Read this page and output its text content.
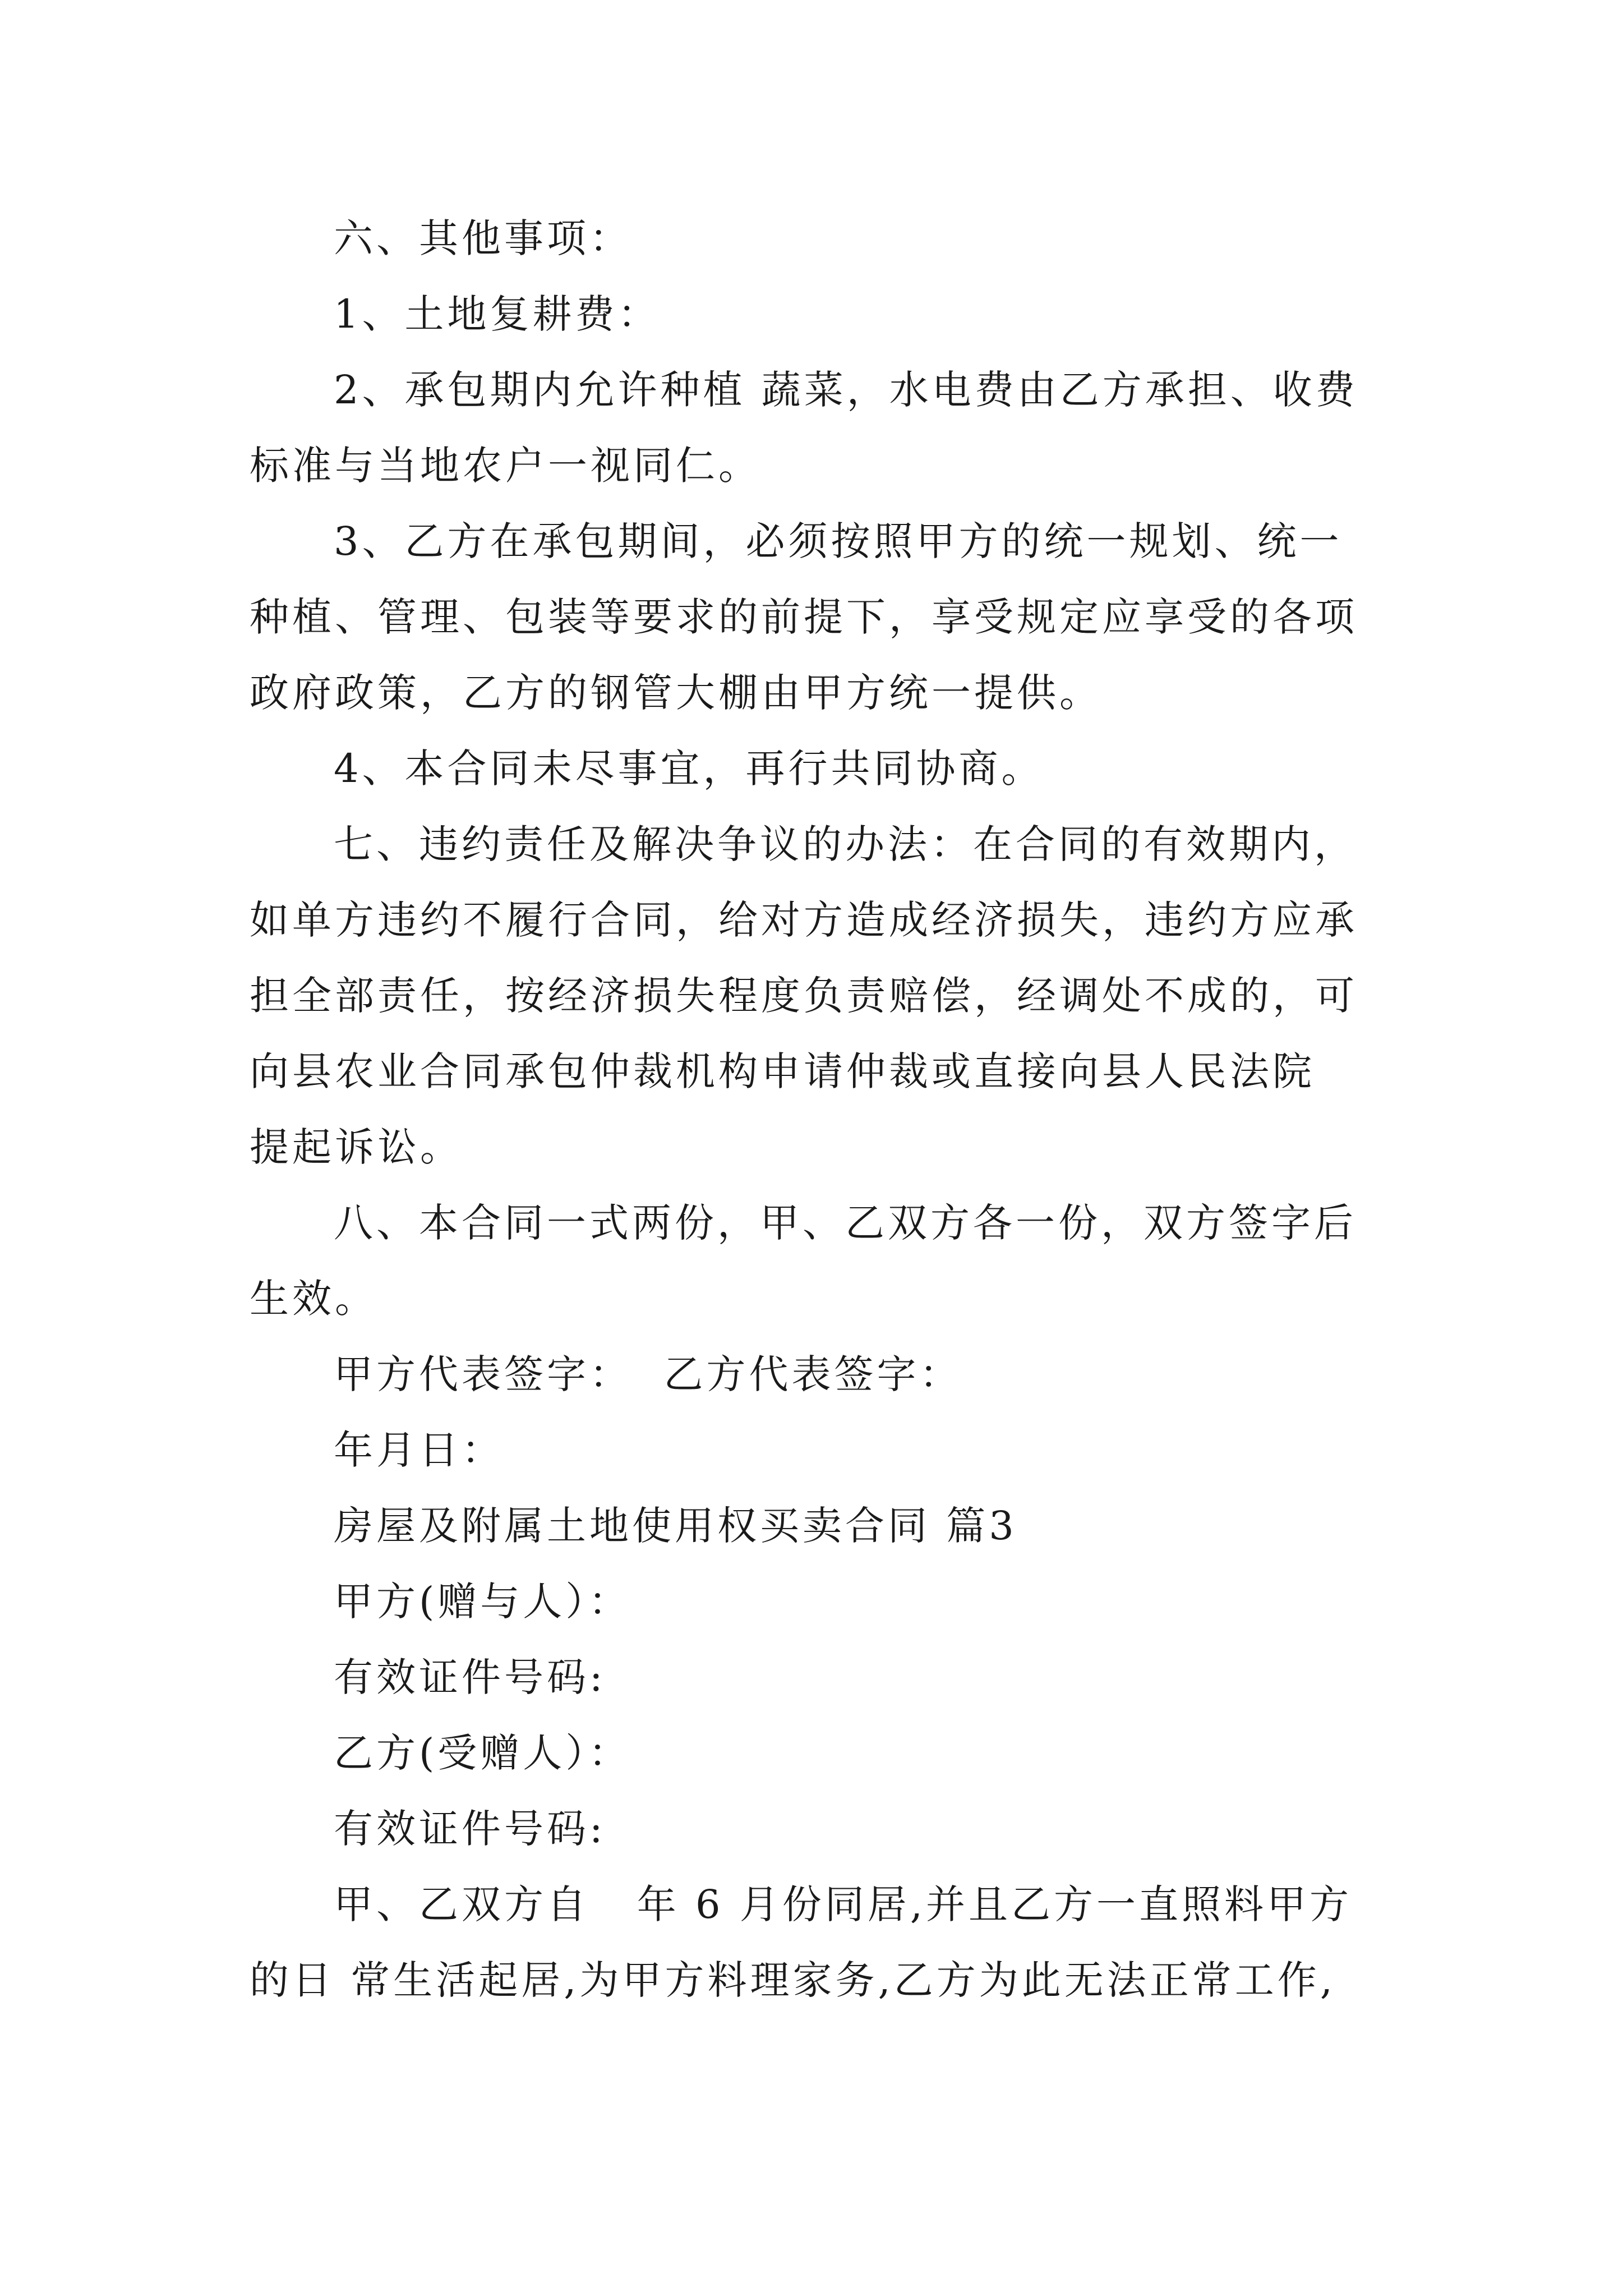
六、其他事项：
1、土地复耕费：
2、承包期内允许种植 蔬菜，水电费由乙方承担、收费
标准与当地农户一视同仁。
3、乙方在承包期间，必须按照甲方的统一规划、统一
种植、管理、包装等要求的前提下，享受规定应享受的各项
政府政策，乙方的钢管大棚由甲方统一提供。
4、本合同未尽事宜，再行共同协商。
七、违约责任及解决争议的办法：在合同的有效期内，
如单方违约不履行合同，给对方造成经济损失，违约方应承
担全部责任，按经济损失程度负责赔偿，经调处不成的，可
向县农业合同承包仲裁机构申请仲裁或直接向县人民法院
提起诉讼。
八、本合同一式两份，甲、乙双方各一份，双方签字后
生效。
甲方代表签字：  乙方代表签字：
年月日：
房屋及附属土地使用权买卖合同 篇3
甲方(赠与人）：
有效证件号码:
乙方(受赠人）：
有效证件号码:
甲、乙双方自   年 6 月份同居,并且乙方一直照料甲方
的日 常生活起居,为甲方料理家务,乙方为此无法正常工作,
